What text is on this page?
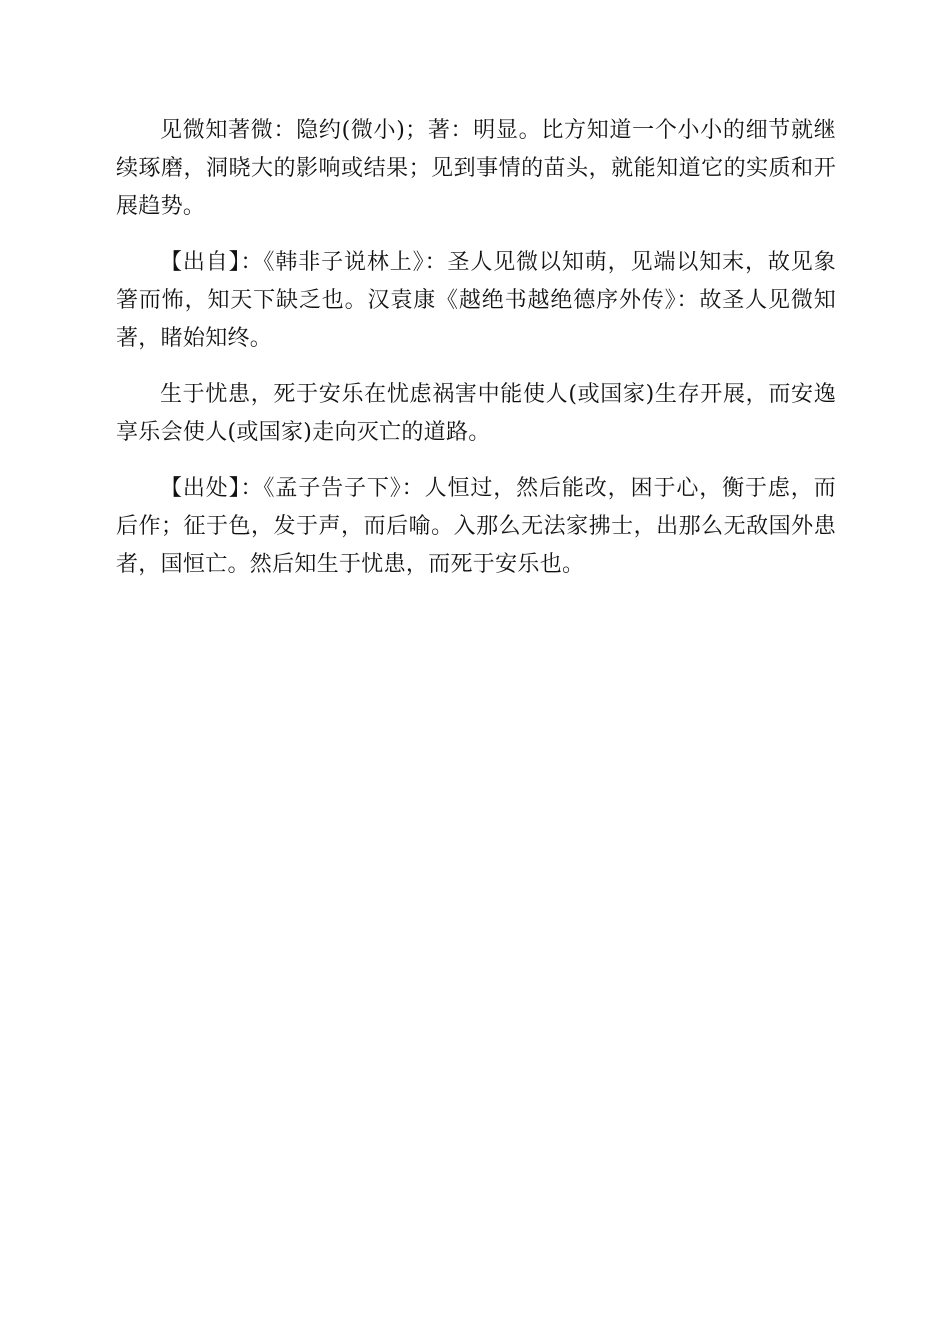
见微知著微：隐约(微小)；著：明显。比方知道一个小小的细节就继续琢磨，洞晓大的影响或结果；见到事情的苗头，就能知道它的实质和开展趋势。

【出自】：《韩非子说林上》：圣人见微以知萌，见端以知末，故见象箸而怖，知天下缺乏也。汉袁康《越绝书越绝德序外传》：故圣人见微知著，睹始知终。

生于忧患，死于安乐在忧虑祸害中能使人(或国家)生存开展，而安逸享乐会使人(或国家)走向灭亡的道路。

【出处】：《孟子告子下》：人恒过，然后能改，困于心，衡于虑，而后作；征于色，发于声，而后喻。入那么无法家拂士，出那么无敌国外患者，国恒亡。然后知生于忧患，而死于安乐也。
